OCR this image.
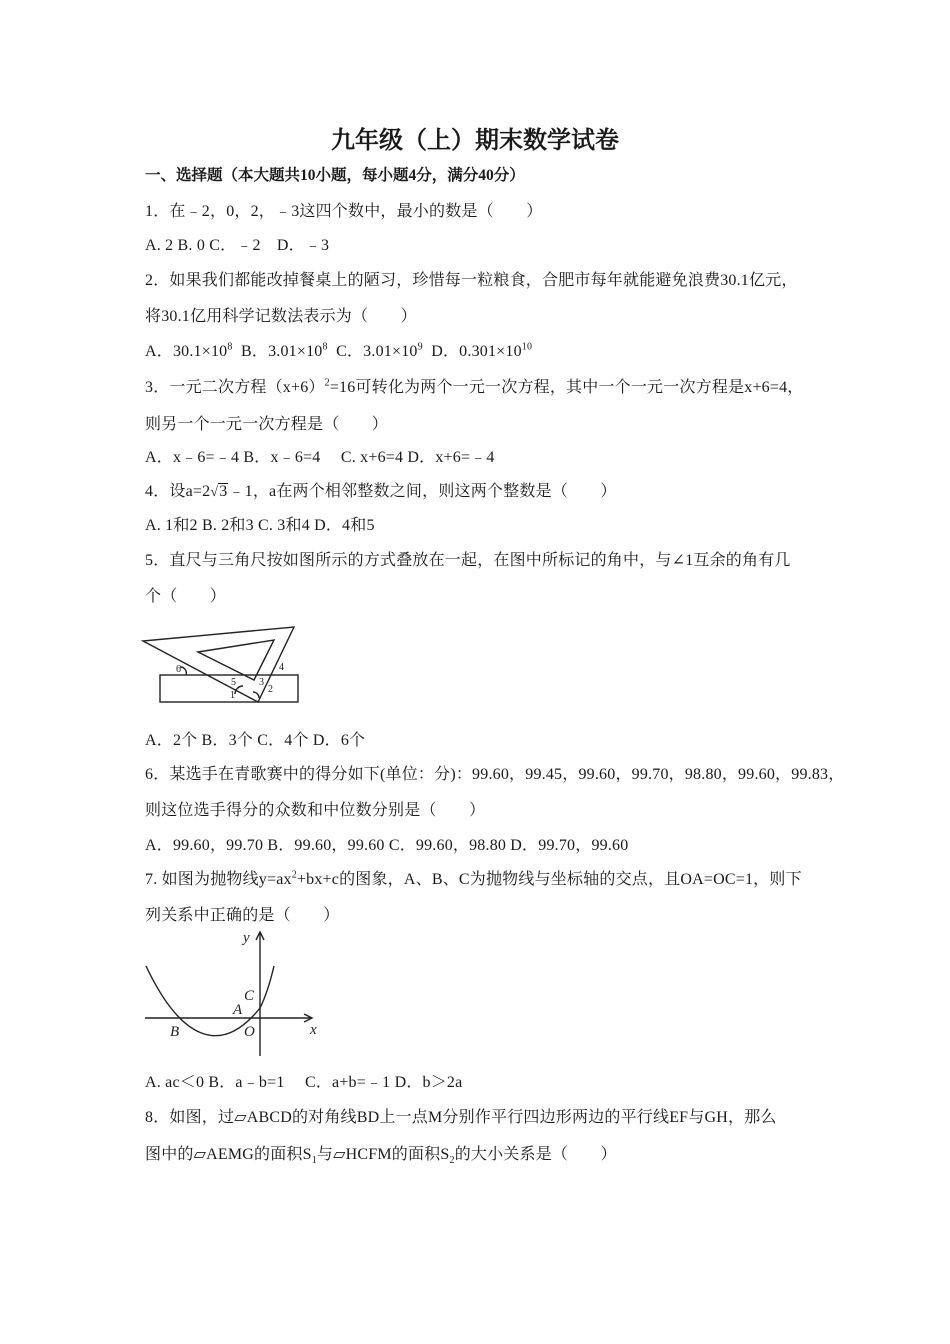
九年级（上）期末数学试卷
一、选择题（本大题共10小题，每小题4分，满分40分）
1．在﹣2，0，2，﹣3这四个数中，最小的数是（　　）
A. 2 B. 0 C．﹣2　D．﹣3
2．如果我们都能改掉餐桌上的陋习，珍惜每一粒粮食，合肥市每年就能避免浪费30.1亿元，
将30.1亿用科学记数法表示为（　　）
A．$30.1\times 10^8$  B．$3.01\times 10^8$  C．$3.01\times 10^9$  D．$0.301\times 10^{10}$
3．一元二次方程$(x+6)^2=16$可转化为两个一元一次方程，其中一个一元一次方程是x+6=4，
则另一个一元一次方程是（　　）
A．x﹣6=﹣4 B．x﹣6=4　 C. x+6=4 D．x+6=﹣4
4．设a=2√3﹣1，a在两个相邻整数之间，则这两个整数是（　　）
A. 1和2 B. 2和3 C. 3和4 D．4和5
5．直尺与三角尺按如图所示的方式叠放在一起，在图中所标记的角中，与∠1互余的角有几
个（　　）
1
2
3
4
5
6
A．2个 B．3个 C．4个 D．6个
6．某选手在青歌赛中的得分如下(单位：分)：99.60，99.45，99.60，99.70，98.80，99.60，99.83，
则这位选手得分的众数和中位数分别是（　　）
A．99.60，99.70 B．99.60，99.60 C．99.60，98.80 D．99.70，99.60
7. 如图为抛物线$y=ax^2+bx+c$的图象，A、B、C为抛物线与坐标轴的交点，且OA=OC=1，则下
列关系中正确的是（　　）
y
x
C
A
B	O
A. ac＜0 B．a﹣b=1　 C．a+b=﹣1 D．b＞2a
8．如图，过▱ABCD的对角线BD上一点M分别作平行四边形两边的平行线EF与GH，那么
图中的▱AEMG的面积$S_1$与▱HCFM的面积$S_2$的大小关系是（　　）
